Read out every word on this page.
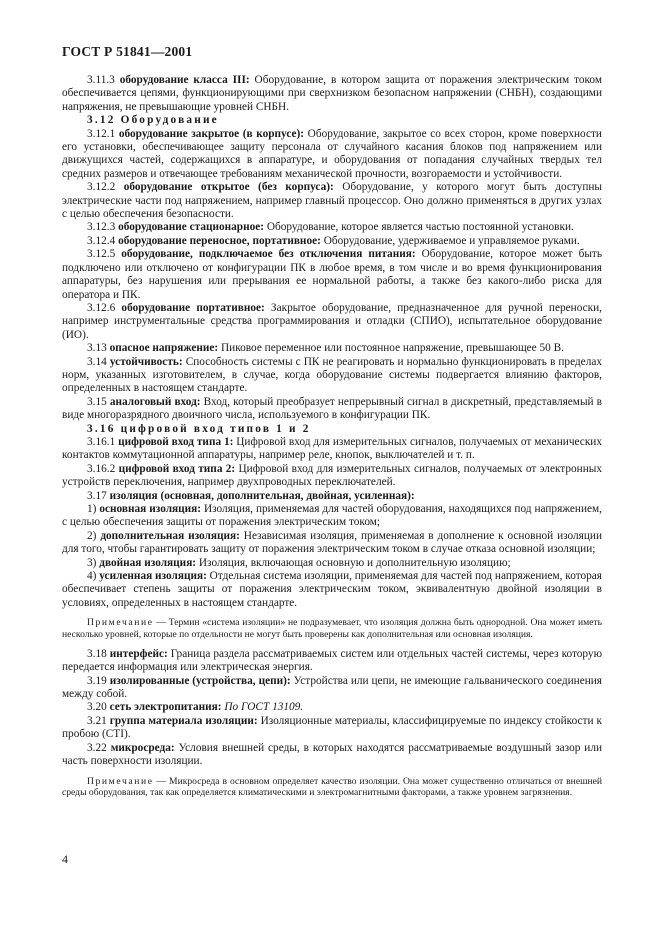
ГОСТ Р 51841—2001

3.11.3 оборудование класса III: Оборудование, в котором защита от поражения электрическим током обеспечивается цепями, функционирующими при сверхнизком безопасном напряжении (СНБН), создающими напряжения, не превышающие уровней СНБН.

3.12 Оборудование

3.12.1 оборудование закрытое (в корпусе): Оборудование, закрытое со всех сторон, кроме поверхности его установки, обеспечивающее защиту персонала от случайного касания блоков под напряжением или движущихся частей, содержащихся в аппаратуре, и оборудования от попадания случайных твердых тел средних размеров и отвечающее требованиям механической прочности, возгораемости и устойчивости.

3.12.2 оборудование открытое (без корпуса): Оборудование, у которого могут быть доступны электрические части под напряжением, например главный процессор. Оно должно применяться в других узлах с целью обеспечения безопасности.

3.12.3 оборудование стационарное: Оборудование, которое является частью постоянной установки.

3.12.4 оборудование переносное, портативное: Оборудование, удерживаемое и управляемое руками.

3.12.5 оборудование, подключаемое без отключения питания: Оборудование, которое может быть подключено или отключено от конфигурации ПК в любое время, в том числе и во время функционирования аппаратуры, без нарушения или прерывания ее нормальной работы, а также без какого-либо риска для оператора и ПК.

3.12.6 оборудование портативное: Закрытое оборудование, предназначенное для ручной переноски, например инструментальные средства программирования и отладки (СПИО), испытательное оборудование (ИО).

3.13 опасное напряжение: Пиковое переменное или постоянное напряжение, превышающее 50 В.

3.14 устойчивость: Способность системы с ПК не реагировать и нормально функционировать в пределах норм, указанных изготовителем, в случае, когда оборудование системы подвергается влиянию факторов, определенных в настоящем стандарте.

3.15 аналоговый вход: Вход, который преобразует непрерывный сигнал в дискретный, представляемый в виде многоразрядного двоичного числа, используемого в конфигурации ПК.

3.16 цифровой вход типов 1 и 2

3.16.1 цифровой вход типа 1: Цифровой вход для измерительных сигналов, получаемых от механических контактов коммутационной аппаратуры, например реле, кнопок, выключателей и т. п.

3.16.2 цифровой вход типа 2: Цифровой вход для измерительных сигналов, получаемых от электронных устройств переключения, например двухпроводных переключателей.

3.17 изоляция (основная, дополнительная, двойная, усиленная):

1) основная изоляция: Изоляция, применяемая для частей оборудования, находящихся под напряжением, с целью обеспечения защиты от поражения электрическим током;

2) дополнительная изоляция: Независимая изоляция, применяемая в дополнение к основной изоляции для того, чтобы гарантировать защиту от поражения электрическим током в случае отказа основной изоляции;

3) двойная изоляция: Изоляция, включающая основную и дополнительную изоляцию;

4) усиленная изоляция: Отдельная система изоляции, применяемая для частей под напряжением, которая обеспечивает степень защиты от поражения электрическим током, эквивалентную двойной изоляции в условиях, определенных в настоящем стандарте.

Примечание — Термин «система изоляции» не подразумевает, что изоляция должна быть однородной. Она может иметь несколько уровней, которые по отдельности не могут быть проверены как дополнительная или основная изоляция.

3.18 интерфейс: Граница раздела рассматриваемых систем или отдельных частей системы, через которую передается информация или электрическая энергия.

3.19 изолированные (устройства, цепи): Устройства или цепи, не имеющие гальванического соединения между собой.

3.20 сеть электропитания: По ГОСТ 13109.

3.21 группа материала изоляции: Изоляционные материалы, классифицируемые по индексу стойкости к пробою (СТI).

3.22 микросреда: Условия внешней среды, в которых находятся рассматриваемые воздушный зазор или часть поверхности изоляции.

Примечание — Микросреда в основном определяет качество изоляции. Она может существенно отличаться от внешней среды оборудования, так как определяется климатическими и электромагнитными факторами, а также уровнем загрязнения.

4
